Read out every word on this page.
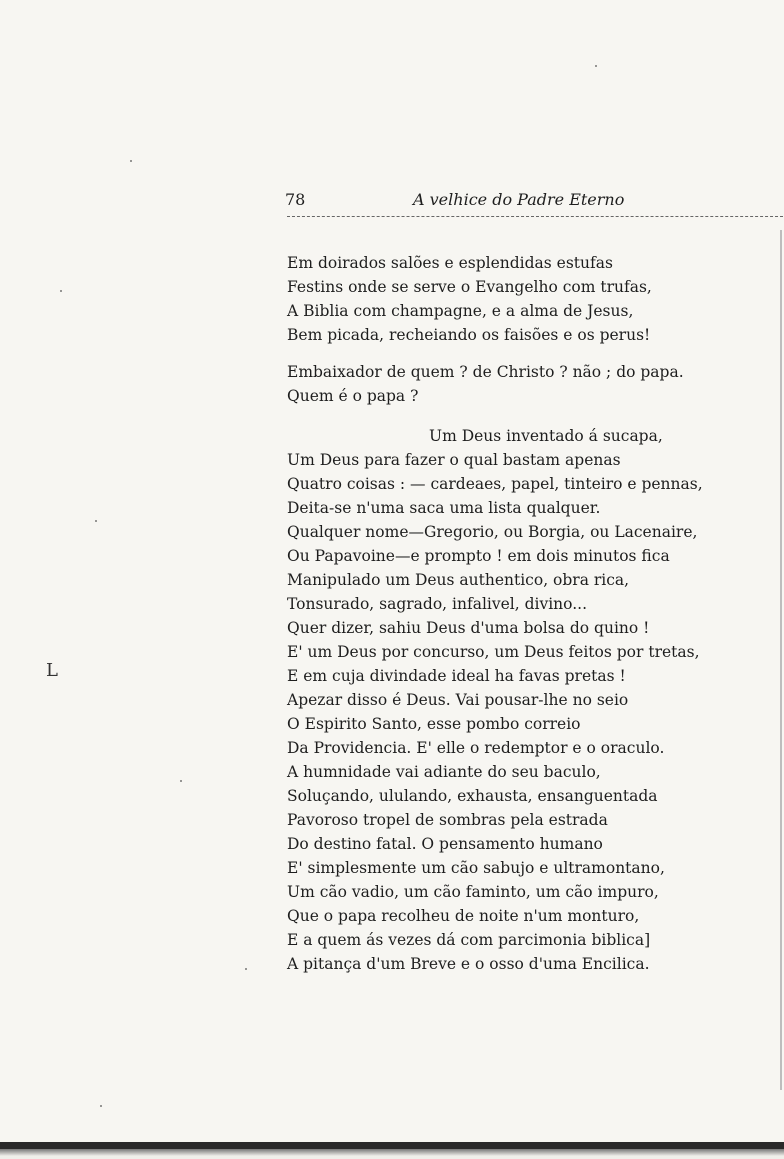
78	A velhice do Padre Eterno
Em doirados salões e esplendidas estufas
Festins onde se serve o Evangelho com trufas,
A Biblia com champagne, e a alma de Jesus,
Bem picada, recheiando os faisões e os perus!
Embaixador de quem ? de Christo ? não ; do papa.
Quem é o papa ?
Um Deus inventado á sucapa,
Um Deus para fazer o qual bastam apenas
Quatro coisas : — cardeaes, papel, tinteiro e pennas,
Deita-se n'uma saca uma lista qualquer.
Qualquer nome—Gregorio, ou Borgia, ou Lacenaire,
Ou Papavoine—e prompto ! em dois minutos fica
Manipulado um Deus authentico, obra rica,
Tonsurado, sagrado, infalivel, divino...
Quer dizer, sahiu Deus d'uma bolsa do quino !
E' um Deus por concurso, um Deus feitos por tretas,
E em cuja divindade ideal ha favas pretas !
Apezar disso é Deus. Vai pousar-lhe no seio
O Espirito Santo, esse pombo correio
Da Providencia. E' elle o redemptor e o oraculo.
A humnidade vai adiante do seu baculo,
Soluçando, ululando, exhausta, ensanguentada
Pavoroso tropel de sombras pela estrada
Do destino fatal. O pensamento humano
E' simplesmente um cão sabujo e ultramontano,
Um cão vadio, um cão faminto, um cão impuro,
Que o papa recolheu de noite n'um monturo,
E a quem ás vezes dá com parcimonia biblica]
A pitança d'um Breve e o osso d'uma Encilica.
L
